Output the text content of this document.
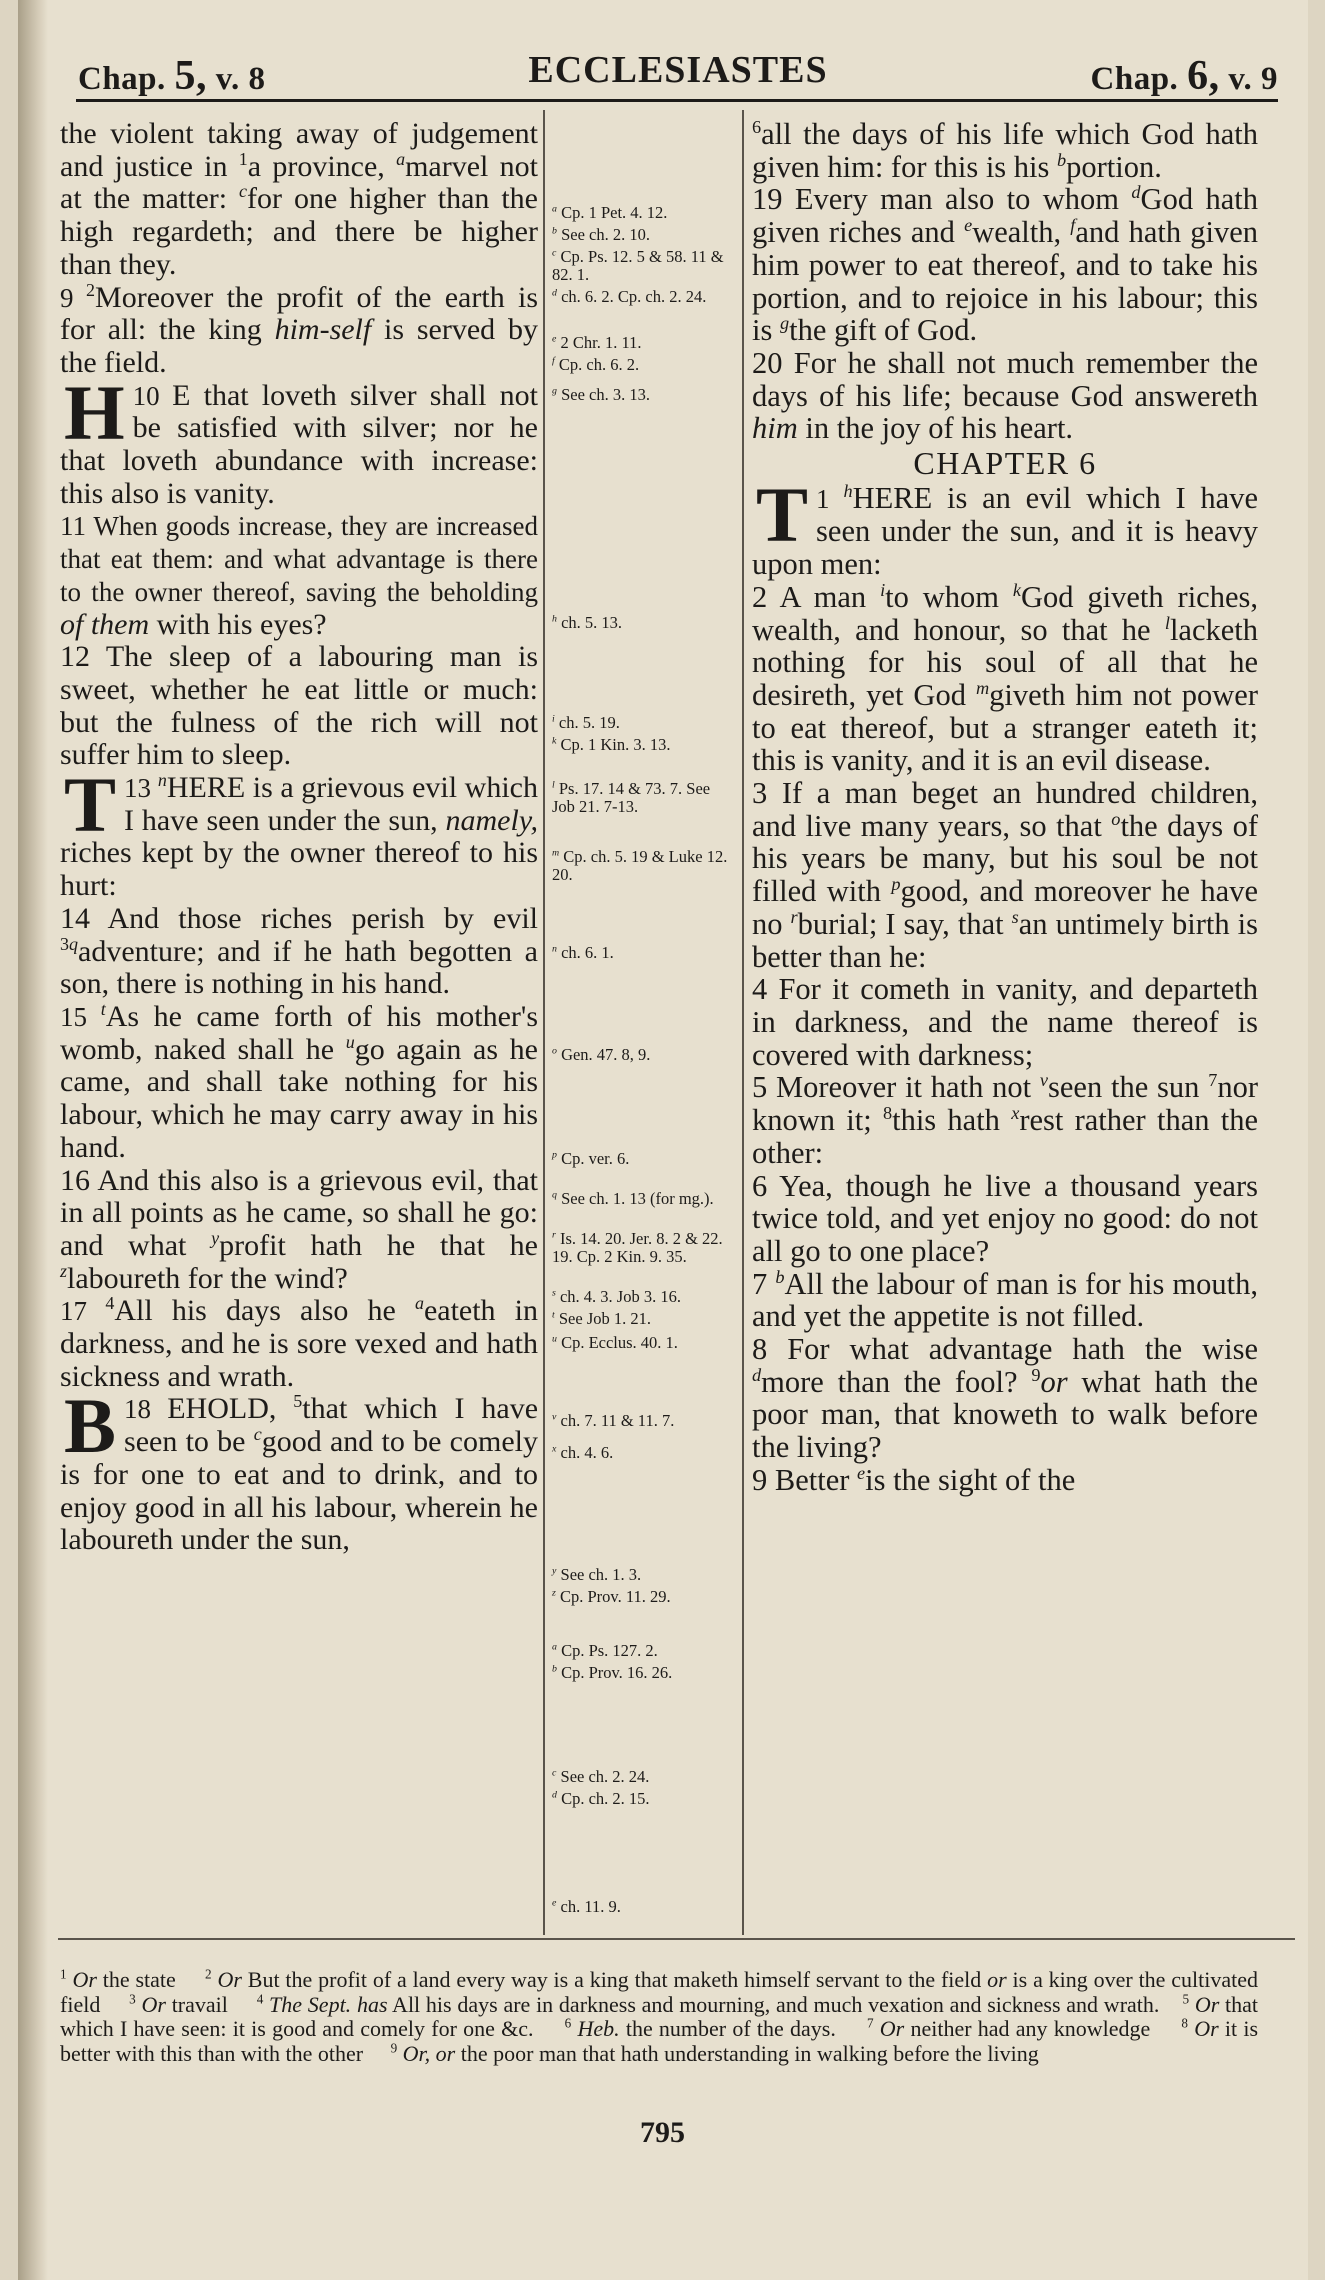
Chap. 5, v. 8	ECCLESIASTES	Chap. 6, v. 9

the violent taking away of judgement and justice in $^1$a province, $^a$marvel not at the matter: $^c$for one higher than the high regardeth; and there be higher than they.

9 $^2$Moreover the profit of the earth is for all: the king him-self is served by the field.

10
H E that loveth silver shall not be satisfied with silver; nor he that loveth abundance with increase: this also is vanity.

11 When goods increase, they are increased that eat them: and what advantage is there to the owner thereof, saving the beholding of them with his eyes?

12 The sleep of a labouring man is sweet, whether he eat little or much: but the fulness of the rich will not suffer him to sleep.

13 $^n$
T HERE is a grievous evil which I have seen under the sun, namely, riches kept by the owner thereof to his hurt:

14 And those riches perish by evil $^{3q}$adventure; and if he hath begotten a son, there is nothing in his hand.

15 $^t$As he came forth of his mother's womb, naked shall he $^u$go again as he came, and shall take nothing for his labour, which he may carry away in his hand.

16 And this also is a grievous evil, that in all points as he came, so shall he go: and what $^y$profit hath he that he $^z$laboureth for the wind?

17 $^4$All his days also he $^a$eateth in darkness, and he is sore vexed and hath sickness and wrath.

18
B EHOLD, $^5$that which I have seen to be $^c$good and to be comely is for one to eat and to drink, and to enjoy good in all his labour, wherein he laboureth under the sun,

$^a$ Cp. 1 Pet. 4. 12.
$^b$ See ch. 2. 10.
$^c$ Cp. Ps. 12. 5 & 58. 11 & 82. 1.
$^d$ ch. 6. 2. Cp. ch. 2. 24.
$^e$ 2 Chr. 1. 11.
$^f$ Cp. ch. 6. 2.
$^g$ See ch. 3. 13.
$^h$ ch. 5. 13.
$^i$ ch. 5. 19.
$^k$ Cp. 1 Kin. 3. 13.
$^l$ Ps. 17. 14 & 73. 7. See Job 21. 7-13.
$^m$ Cp. ch. 5. 19 & Luke 12. 20.
$^n$ ch. 6. 1.
$^o$ Gen. 47. 8, 9.
$^p$ Cp. ver. 6.
$^q$ See ch. 1. 13 (for mg.).
$^r$ Is. 14. 20. Jer. 8. 2 & 22. 19. Cp. 2 Kin. 9. 35.
$^s$ ch. 4. 3. Job 3. 16.
$^t$ See Job 1. 21.
$^u$ Cp. Ecclus. 40. 1.
$^v$ ch. 7. 11 & 11. 7.
$^x$ ch. 4. 6.
$^y$ See ch. 1. 3.
$^z$ Cp. Prov. 11. 29.
$^a$ Cp. Ps. 127. 2.
$^b$ Cp. Prov. 16. 26.
$^c$ See ch. 2. 24.
$^d$ Cp. ch. 2. 15.
$^e$ ch. 11. 9.

$^6$all the days of his life which God hath given him: for this is his $^b$portion.

19 Every man also to whom $^d$God hath given riches and $^e$wealth, $^f$and hath given him power to eat thereof, and to take his portion, and to rejoice in his labour; this is $^g$the gift of God.

20 For he shall not much remember the days of his life; because God answereth him in the joy of his heart.

CHAPTER 6

1 $^h$
T HERE is an evil which I have seen under the sun, and it is heavy upon men:

2 A man $^i$to whom $^k$God giveth riches, wealth, and honour, so that he $^l$lacketh nothing for his soul of all that he desireth, yet God $^m$giveth him not power to eat thereof, but a stranger eateth it; this is vanity, and it is an evil disease.

3 If a man beget an hundred children, and live many years, so that $^o$the days of his years be many, but his soul be not filled with $^p$good, and moreover he have no $^r$burial; I say, that $^s$an untimely birth is better than he:

4 For it cometh in vanity, and departeth in darkness, and the name thereof is covered with darkness;

5 Moreover it hath not $^v$seen the sun $^7$nor known it; $^8$this hath $^x$rest rather than the other:

6 Yea, though he live a thousand years twice told, and yet enjoy no good: do not all go to one place?

7 $^b$All the labour of man is for his mouth, and yet the appetite is not filled.

8 For what advantage hath the wise $^d$more than the fool? $^9$or what hath the poor man, that knoweth to walk before the living?

9 Better $^e$is the sight of the

$^1$ Or the state $^2$ Or But the profit of a land every way is a king that maketh himself servant to the field or is a king over the cultivated field $^3$ Or travail $^4$ The Sept. has All his days are in darkness and mourning, and much vexation and sickness and wrath. $^5$ Or that which I have seen: it is good and comely for one &c. $^6$ Heb. the number of the days. $^7$ Or neither had any knowledge $^8$ Or it is better with this than with the other $^9$ Or, or the poor man that hath understanding in walking before the living
795
